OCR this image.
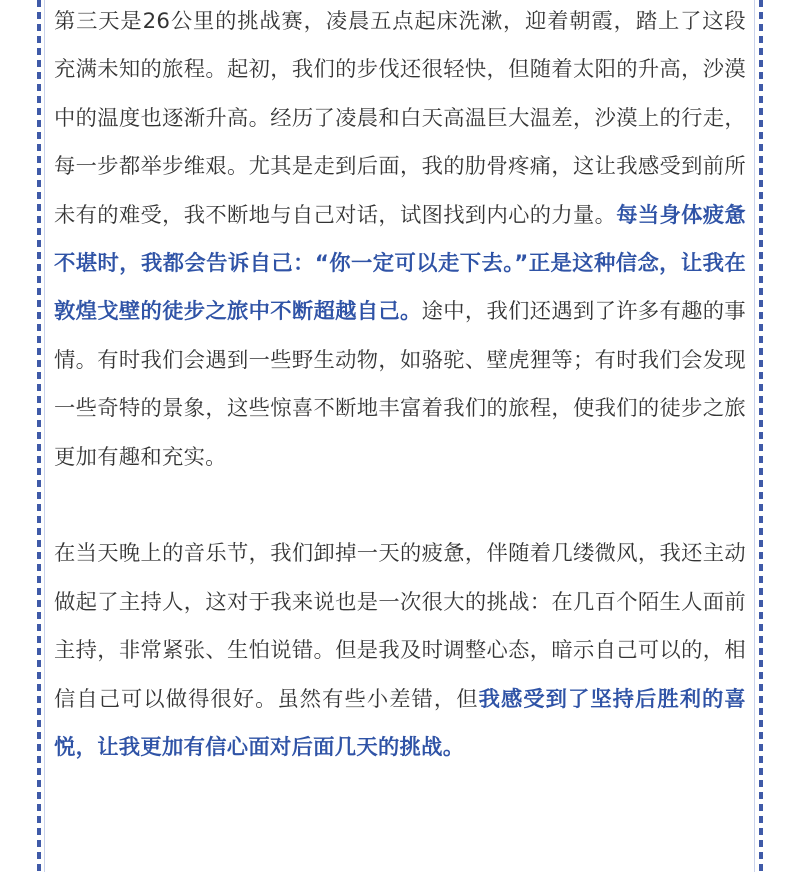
第三天是26公里的挑战赛，凌晨五点起床洗漱，迎着朝霞，踏上了这段充满未知的旅程。起初，我们的步伐还很轻快，但随着太阳的升高，沙漠中的温度也逐渐升高。经历了凌晨和白天高温巨大温差，沙漠上的行走，每一步都举步维艰。尤其是走到后面，我的肋骨疼痛，这让我感受到前所未有的难受，我不断地与自己对话，试图找到内心的力量。每当身体疲惫不堪时，我都会告诉自己：“你一定可以走下去。”正是这种信念，让我在敦煌戈壁的徒步之旅中不断超越自己。途中，我们还遇到了许多有趣的事情。有时我们会遇到一些野生动物，如骆驼、壁虎狸等；有时我们会发现一些奇特的景象，这些惊喜不断地丰富着我们的旅程，使我们的徒步之旅更加有趣和充实。

在当天晚上的音乐节，我们卸掉一天的疲惫，伴随着几缕微风，我还主动做起了主持人，这对于我来说也是一次很大的挑战：在几百个陌生人面前主持，非常紧张、生怕说错。但是我及时调整心态，暗示自己可以的，相信自己可以做得很好。虽然有些小差错，但我感受到了坚持后胜利的喜悦，让我更加有信心面对后面几天的挑战。
